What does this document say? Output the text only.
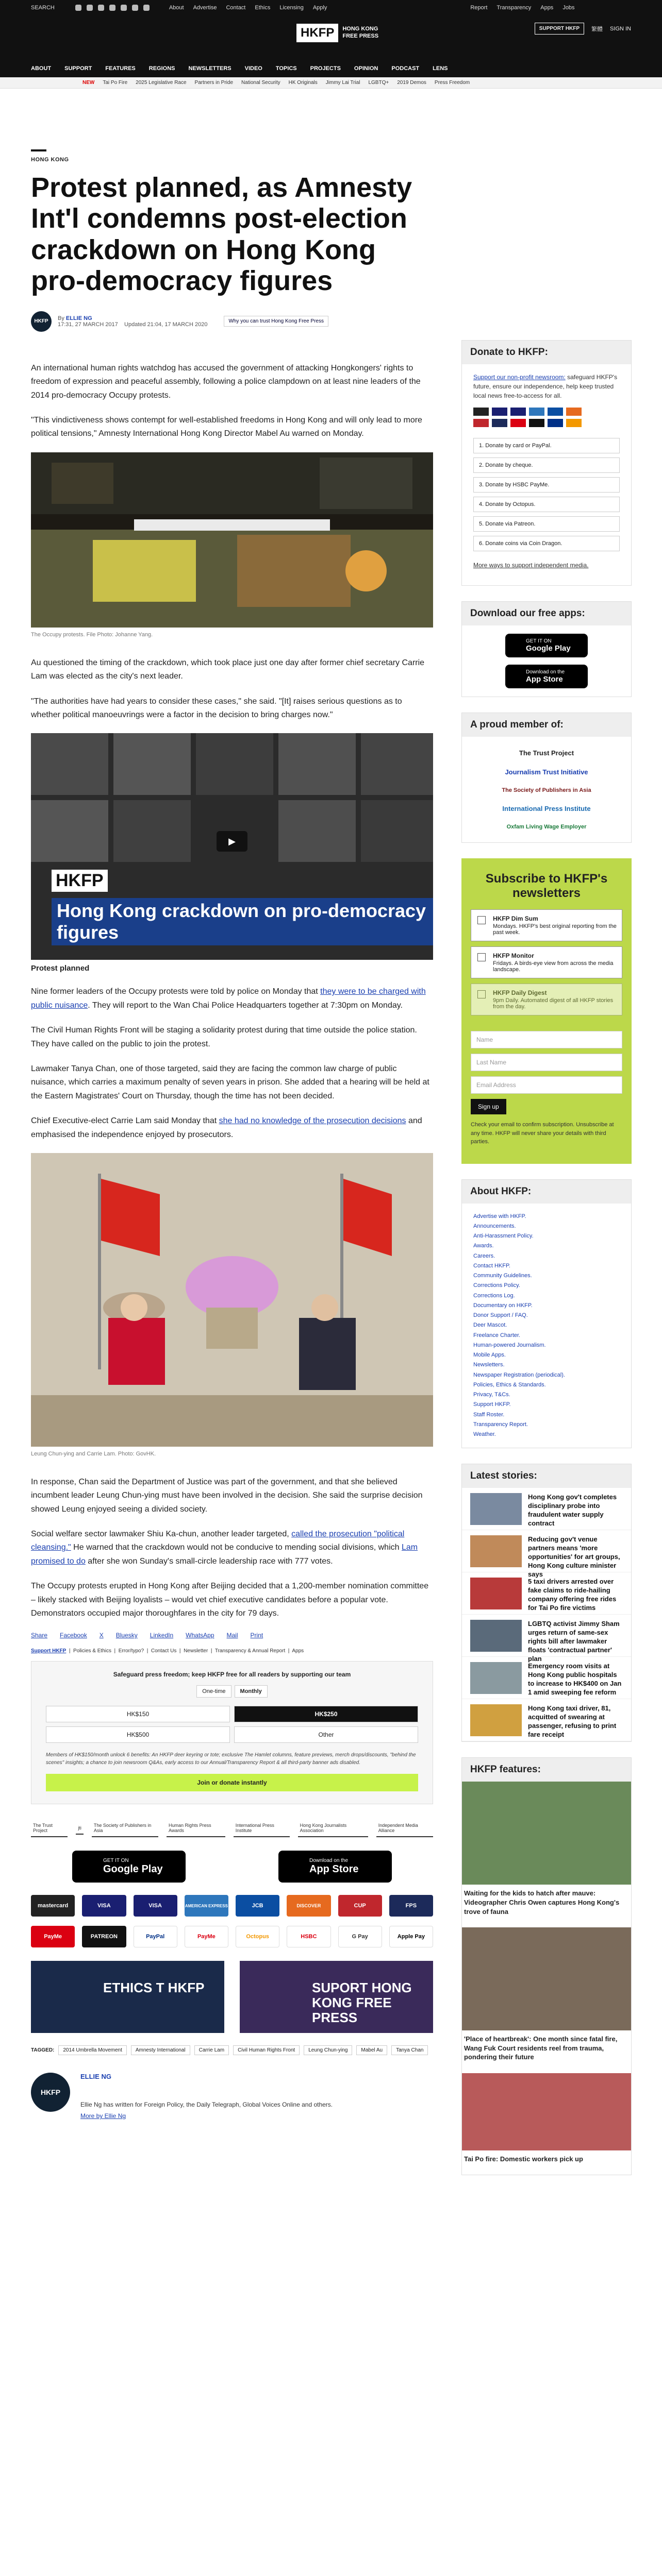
SEARCH	About Advertise Contact Ethics Licensing Apply	Report Transparency Apps Jobs
HKFP	HONG KONG
FREE PRESS
SUPPORT HKFP	繁體 SIGN IN
ABOUT SUPPORT FEATURES REGIONS NEWSLETTERS VIDEO TOPICS PROJECTS OPINION PODCAST LENS
NEW Tai Po Fire 2025 Legislative Race Partners in Pride National Security HK Originals Jimmy Lai Trial LGBTQ+ 2019 Demos Press Freedom
HONG KONG
Protest planned, as Amnesty Int'l condemns post-election crackdown on Hong Kong pro-democracy figures
HKFP	By ELLIE NG
17:31, 27 MARCH 2017 Updated 21:04, 17 MARCH 2020	Why you can trust Hong Kong Free Press

An international human rights watchdog has accused the government of attacking Hongkongers' rights to freedom of expression and peaceful assembly, following a police clampdown on at least nine leaders of the 2014 pro-democracy Occupy protests.

"This vindictiveness shows contempt for well-established freedoms in Hong Kong and will only lead to more political tensions," Amnesty International Hong Kong Director Mabel Au warned on Monday.

The Occupy protests. File Photo: Johanne Yang.

Au questioned the timing of the crackdown, which took place just one day after former chief secretary Carrie Lam was elected as the city's next leader.

"The authorities have had years to consider these cases," she said. "[It] raises serious questions as to whether political manoeuvrings were a factor in the decision to bring charges now."

HKFP
Hong Kong crackdown on pro-democracy figures
▶
Protest planned

Nine former leaders of the Occupy protests were told by police on Monday that they were to be charged with public nuisance. They will report to the Wan Chai Police Headquarters together at 7:30pm on Monday.

The Civil Human Rights Front will be staging a solidarity protest during that time outside the police station. They have called on the public to join the protest.

Lawmaker Tanya Chan, one of those targeted, said they are facing the common law charge of public nuisance, which carries a maximum penalty of seven years in prison. She added that a hearing will be held at the Eastern Magistrates' Court on Thursday, though the time has not been decided.

Chief Executive-elect Carrie Lam said Monday that she had no knowledge of the prosecution decisions and emphasised the independence enjoyed by prosecutors.

Leung Chun-ying and Carrie Lam. Photo: GovHK.

In response, Chan said the Department of Justice was part of the government, and that she believed incumbent leader Leung Chun-ying must have been involved in the decision. She said the surprise decision showed Leung enjoyed seeing a divided society.

Social welfare sector lawmaker Shiu Ka-chun, another leader targeted, called the prosecution "political cleansing." He warned that the crackdown would not be conducive to mending social divisions, which Lam promised to do after she won Sunday's small-circle leadership race with 777 votes.

The Occupy protests erupted in Hong Kong after Beijing decided that a 1,200-member nomination committee – likely stacked with Beijing loyalists – would vet chief executive candidates before a popular vote. Demonstrators occupied major thoroughfares in the city for 79 days.

Share Facebook X Bluesky LinkedIn WhatsApp Mail Print
Support HKFP  |  Policies & Ethics  |  Error/typo?  |  Contact Us  |  Newsletter  |  Transparency & Annual Report  |  Apps
Safeguard press freedom; keep HKFP free for all readers by supporting our team
One-time	Monthly
HK$150	HK$250
HK$500	Other
Members of HK$150/month unlock 6 benefits: An HKFP deer keyring or tote; exclusive The Hamlet columns, feature previews, merch drops/discounts, "behind the scenes" insights; a chance to join newsroom Q&As, early access to our Annual/Transparency Report & all third-party banner ads disabled.
Join or donate instantly
The Trust Project	jti	The Society of Publishers in Asia
Human Rights Press Awards
International Press Institute
Hong Kong Journalists Association
Independent Media Alliance
GET IT ON
Google Play
Download on the
App Store
mastercard	VISA	VISA	AMERICAN EXPRESS	JCB	DISCOVER	CUP	FPS
PayMe	PATREON	PayPal	PayMe	Octopus	HSBC	G Pay	Apple Pay
ETHICS T HKFP	SUPORT HONG KONG FREE PRESS
TAGGED:	2014 Umbrella Movement	Amnesty International	Carrie Lam	Civil Human Rights Front	Leung Chun-ying	Mabel Au	Tanya Chan
HKFP
ELLIE NG
Ellie Ng has written for Foreign Policy, the Daily Telegraph, Global Voices Online and others.
More by Ellie Ng
Donate to HKFP:
Support our non-profit newsroom: safeguard HKFP's future, ensure our independence, help keep trusted local news free-to-access for all.
1. Donate by card or PayPal.
2. Donate by cheque.
3. Donate by HSBC PayMe.
4. Donate by Octopus.
5. Donate via Patreon.
6. Donate coins via Coin Dragon.
More ways to support independent media.
Download our free apps:
GET IT ON
Google Play
Download on the
App Store
A proud member of:
The Trust Project
Journalism Trust Initiative
The Society of Publishers in Asia
International Press Institute
Oxfam Living Wage Employer
Subscribe to HKFP's newsletters
HKFP Dim Sum
Mondays. HKFP's best original reporting from the past week.
HKFP Monitor
Fridays. A birds-eye view from across the media landscape.
HKFP Daily Digest
9pm Daily. Automated digest of all HKFP stories from the day.
Name
Last Name
Email Address
Sign up
Check your email to confirm subscription. Unsubscribe at any time. HKFP will never share your details with third parties.
About HKFP:
Advertise with HKFP.
Announcements.
Anti-Harassment Policy.
Awards.
Careers.
Contact HKFP.
Community Guidelines.
Corrections Policy.
Corrections Log.
Documentary on HKFP.
Donor Support / FAQ.
Deer Mascot.
Freelance Charter.
Human-powered Journalism.
Mobile Apps.
Newsletters.
Newspaper Registration (periodical).
Policies, Ethics & Standards.
Privacy, T&Cs.
Support HKFP.
Staff Roster.
Transparency Report.
Weather.
Latest stories:
Hong Kong gov't completes disciplinary probe into fraudulent water supply contract
Reducing gov't venue partners means 'more opportunities' for art groups, Hong Kong culture minister says
5 taxi drivers arrested over fake claims to ride-hailing company offering free rides for Tai Po fire victims
LGBTQ activist Jimmy Sham urges return of same-sex rights bill after lawmaker floats 'contractual partner' plan
Emergency room visits at Hong Kong public hospitals to increase to HK$400 on Jan 1 amid sweeping fee reform
Hong Kong taxi driver, 81, acquitted of swearing at passenger, refusing to print fare receipt
HKFP features:
Waiting for the kids to hatch after mauve: Videographer Chris Owen captures Hong Kong's trove of fauna
'Place of heartbreak': One month since fatal fire, Wang Fuk Court residents reel from trauma, pondering their future
Tai Po fire: Domestic workers pick up
